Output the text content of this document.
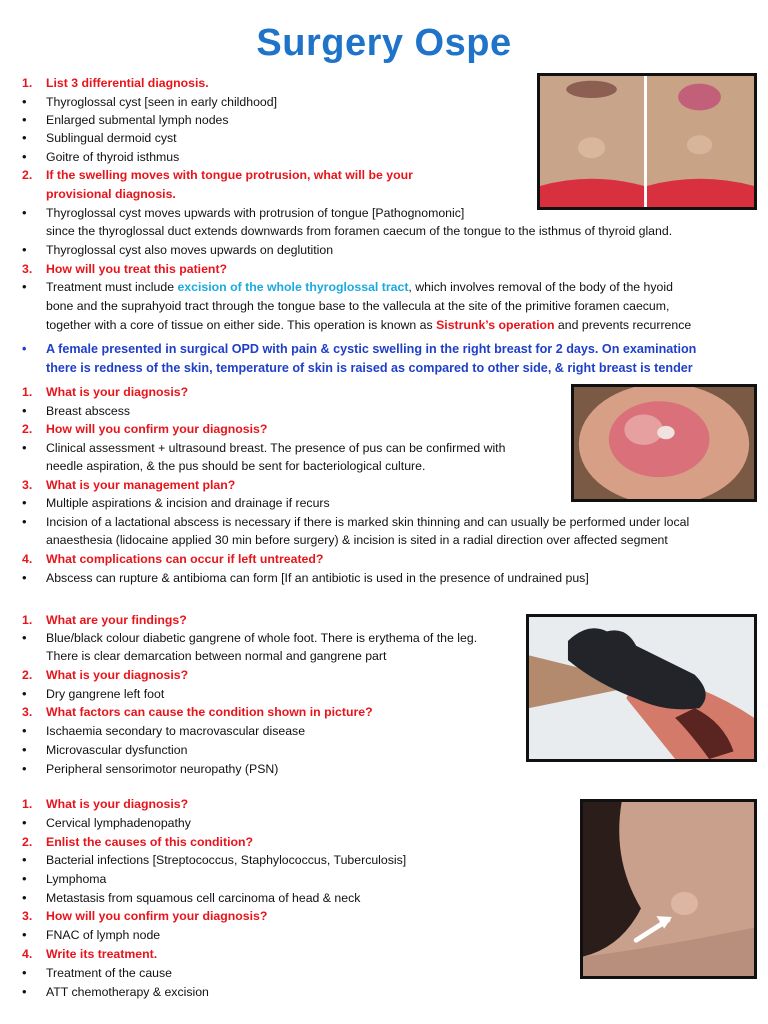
Surgery Ospe
1. List 3 differential diagnosis.
• Thyroglossal cyst [seen in early childhood]
• Enlarged submental lymph nodes
• Sublingual dermoid cyst
• Goitre of thyroid isthmus
2. If the swelling moves with tongue protrusion, what will be your
provisional diagnosis.
• Thyroglossal cyst moves upwards with protrusion of tongue [Pathognomonic]
since the thyroglossal duct extends downwards from foramen caecum of the tongue to the isthmus of thyroid gland.
• Thyroglossal cyst also moves upwards on deglutition
3. How will you treat this patient?
• Treatment must include excision of the whole thyroglossal tract, which involves removal of the body of the hyoid
bone and the suprahyoid tract through the tongue base to the vallecula at the site of the primitive foramen caecum,
together with a core of tissue on either side. This operation is known as Sistrunk’s operation and prevents recurrence
• A female presented in surgical OPD with pain & cystic swelling in the right breast for 2 days. On examination
there is redness of the skin, temperature of skin is raised as compared to other side, & right breast is tender
1. What is your diagnosis?
• Breast abscess
2. How will you confirm your diagnosis?
• Clinical assessment + ultrasound breast. The presence of pus can be confirmed with
needle aspiration, & the pus should be sent for bacteriological culture.
3. What is your management plan?
• Multiple aspirations & incision and drainage if recurs
• Incision of a lactational abscess is necessary if there is marked skin thinning and can usually be performed under local
anaesthesia (lidocaine applied 30 min before surgery) & incision is sited in a radial direction over affected segment
4. What complications can occur if left untreated?
• Abscess can rupture & antibioma can form [If an antibiotic is used in the presence of undrained pus]
1. What are your findings?
• Blue/black colour diabetic gangrene of whole foot. There is erythema of the leg.
There is clear demarcation between normal and gangrene part
2. What is your diagnosis?
• Dry gangrene left foot
3. What factors can cause the condition shown in picture?
• Ischaemia secondary to macrovascular disease
• Microvascular dysfunction
• Peripheral sensorimotor neuropathy (PSN)
1. What is your diagnosis?
• Cervical lymphadenopathy
2. Enlist the causes of this condition?
• Bacterial infections [Streptococcus, Staphylococcus, Tuberculosis]
• Lymphoma
• Metastasis from squamous cell carcinoma of head & neck
3. How will you confirm your diagnosis?
• FNAC of lymph node
4. Write its treatment.
• Treatment of the cause
• ATT chemotherapy & excision
